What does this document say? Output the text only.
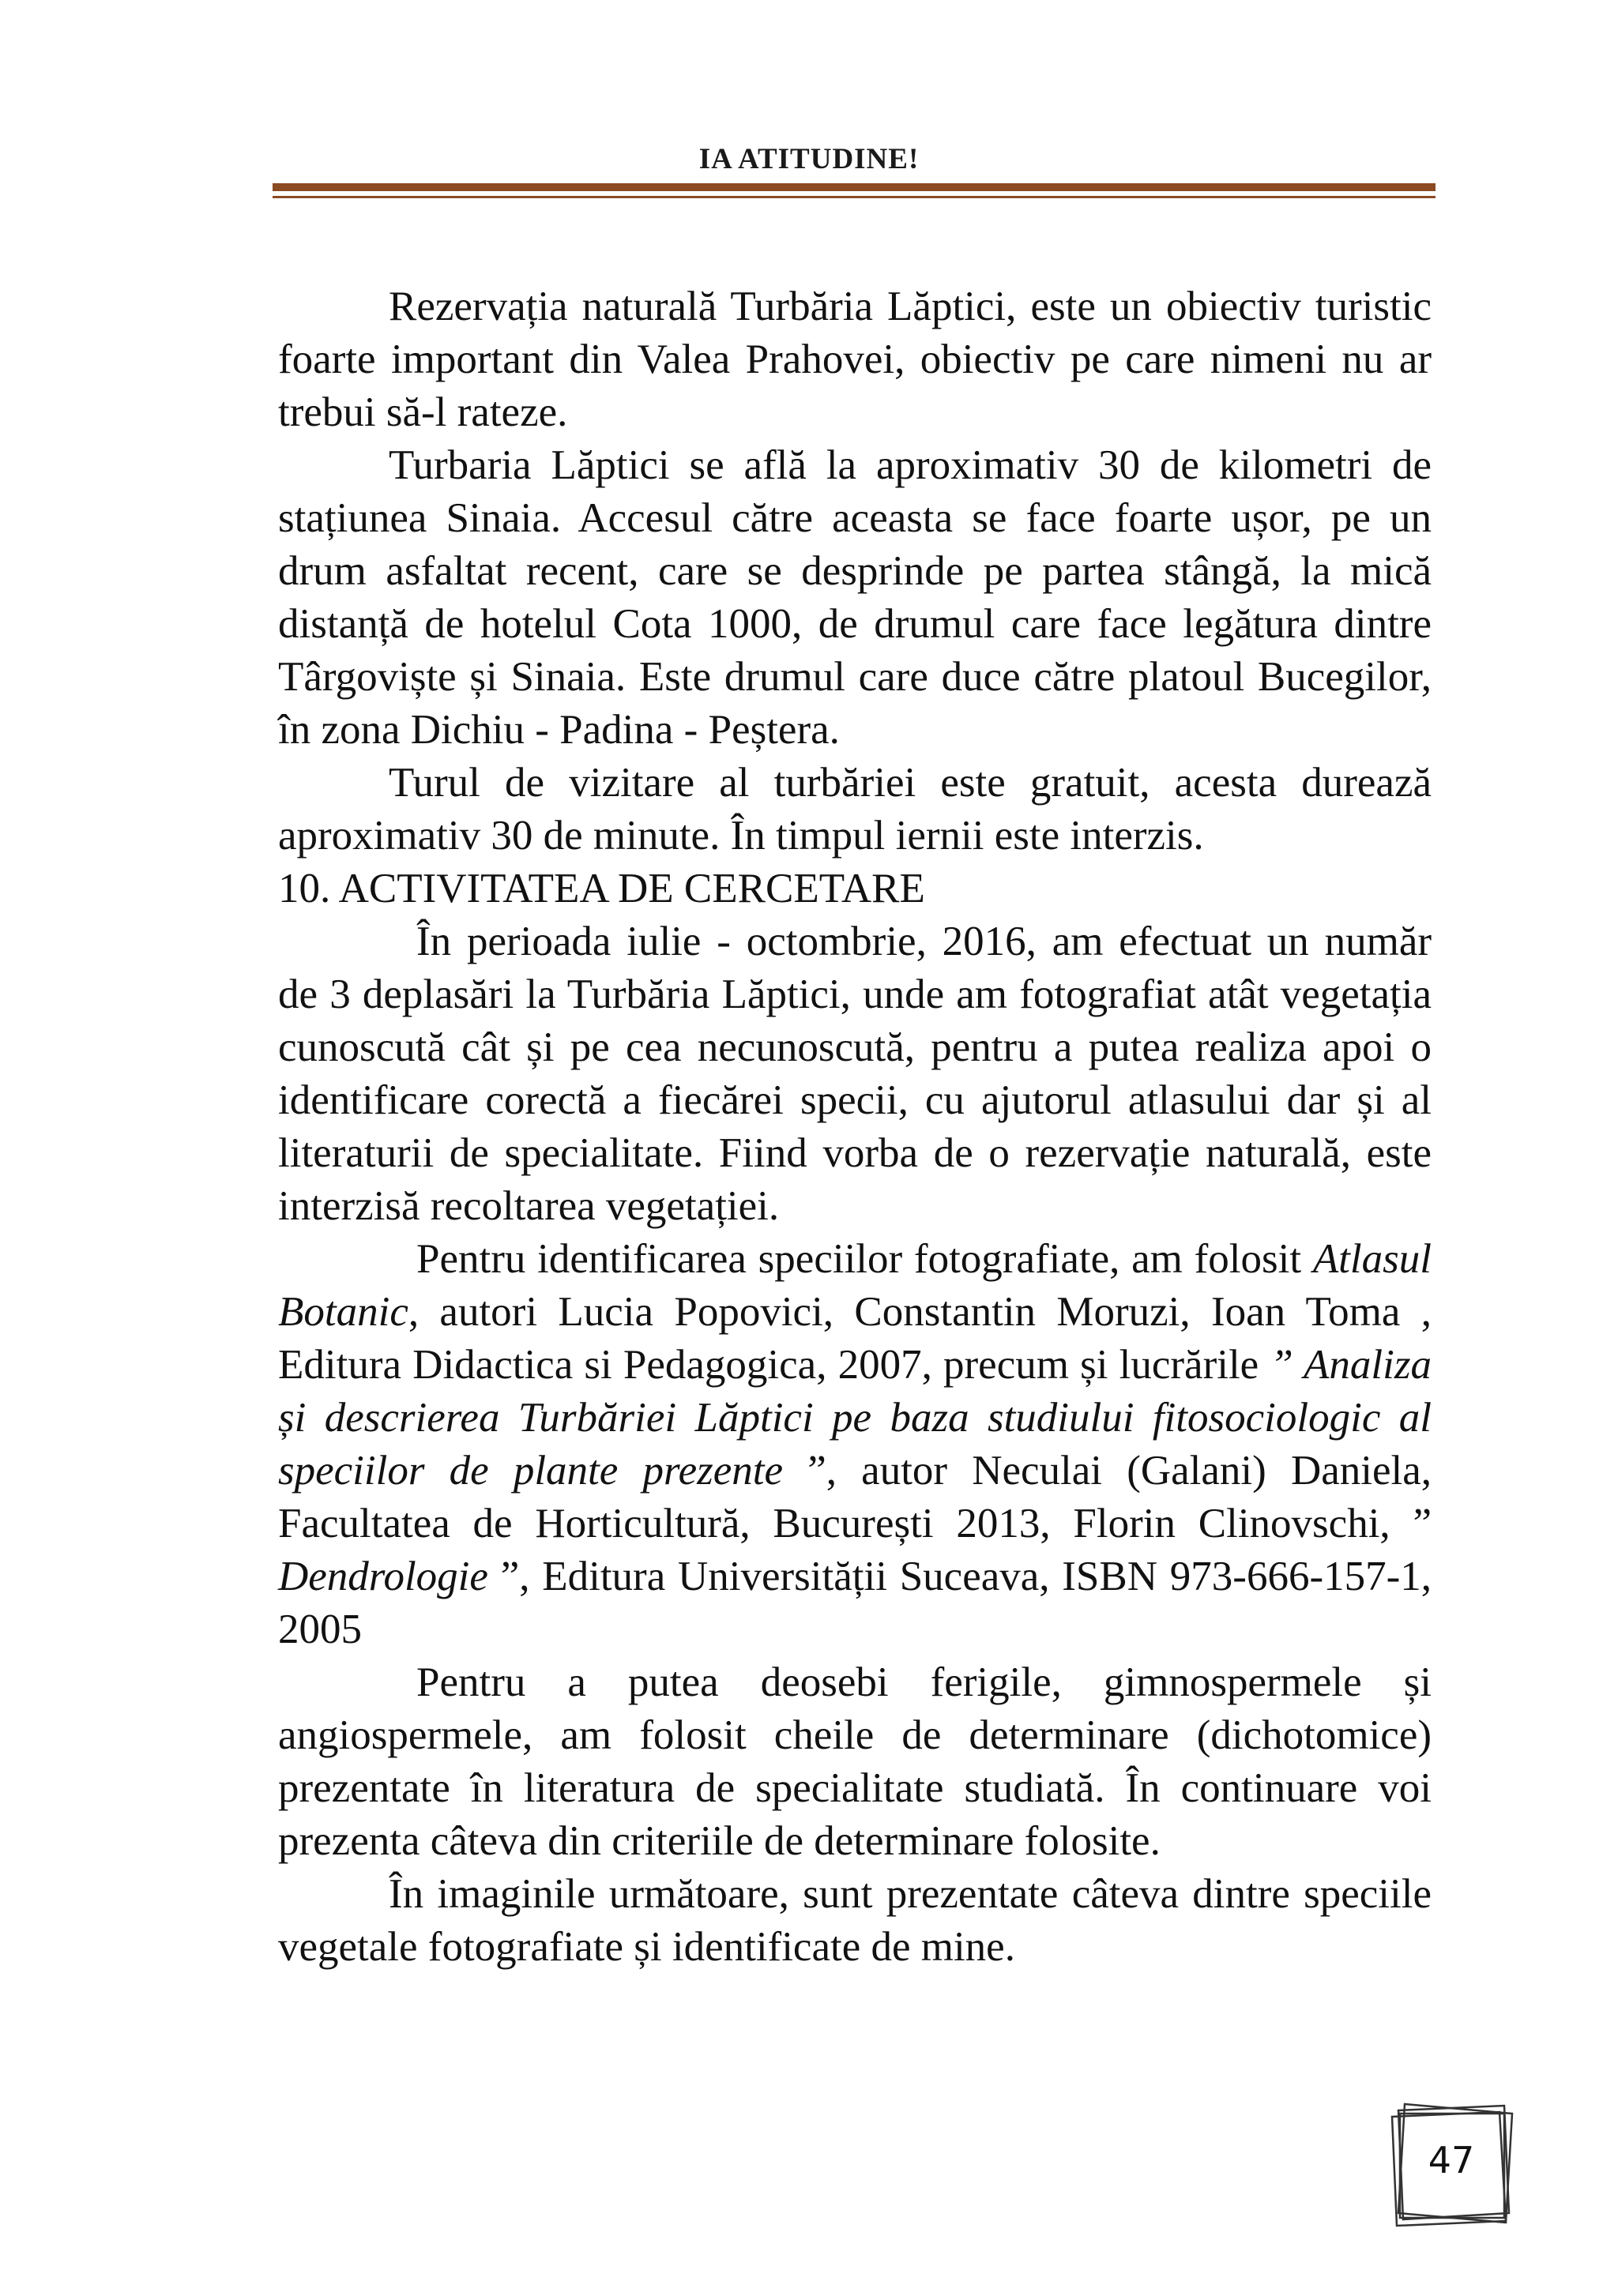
IA ATITUDINE!

Rezervația naturală Turbăria Lăptici, este un obiectiv turistic foarte important din Valea Prahovei, obiectiv pe care nimeni nu ar trebui să-l rateze.

Turbaria Lăptici se află la aproximativ 30 de kilometri de stațiunea Sinaia. Accesul către aceasta se face foarte ușor, pe un drum asfaltat recent, care se desprinde pe partea stângă, la mică distanță de hotelul Cota 1000, de drumul care face legătura dintre Târgoviște și Sinaia. Este drumul care duce către platoul Bucegilor, în zona Dichiu - Padina - Peștera.

Turul de vizitare al turbăriei este gratuit, acesta durează aproximativ 30 de minute. În timpul iernii este interzis.

10. ACTIVITATEA DE CERCETARE

În perioada iulie - octombrie, 2016, am efectuat un număr de 3 deplasări la Turbăria Lăptici, unde am fotografiat atât vegetația cunoscută cât și pe cea necunoscută, pentru a putea realiza apoi o identificare corectă a fiecărei specii, cu ajutorul atlasului dar și al literaturii de specialitate. Fiind vorba de o rezervație naturală, este interzisă recoltarea vegetației.

Pentru identificarea speciilor fotografiate, am folosit Atlasul Botanic, autori Lucia Popovici, Constantin Moruzi, Ioan Toma , Editura Didactica si Pedagogica, 2007, precum și lucrările ” Analiza și descrierea Turbăriei Lăptici pe baza studiului fitosociologic al speciilor de plante prezente ”, autor Neculai (Galani) Daniela, Facultatea de Horticultură, București 2013, Florin Clinovschi, ” Dendrologie ”, Editura Universității Suceava, ISBN 973-666-157-1, 2005

Pentru a putea deosebi ferigile, gimnospermele și angiospermele, am folosit cheile de determinare (dichotomice) prezentate în literatura de specialitate studiată. În continuare voi prezenta câteva din criteriile de determinare folosite.

În imaginile următoare, sunt prezentate câteva dintre speciile vegetale fotografiate și identificate de mine.

47
